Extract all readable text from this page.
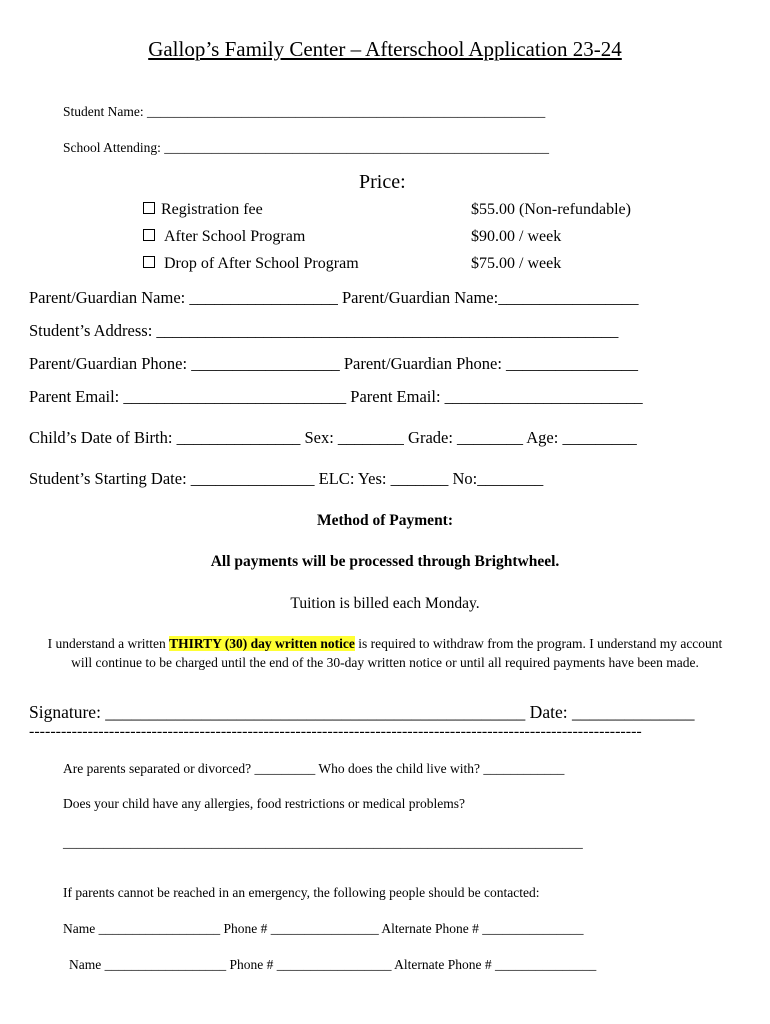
Gallop’s Family Center – Afterschool Application 23-24
Student Name: ___________________________________________________________
School Attending: _________________________________________________________
Price:
Registration fee	$55.00 (Non-refundable)
After School Program	$90.00 / week
Drop of After School Program	$75.00 / week
Parent/Guardian Name: __________________ Parent/Guardian Name:_________________
Student’s Address: ________________________________________________________
Parent/Guardian Phone: __________________ Parent/Guardian Phone: ________________
Parent Email: ___________________________ Parent Email: ________________________
Child’s Date of Birth: _______________ Sex: ________ Grade: ________ Age: _________
Student’s Starting Date: _______________ ELC: Yes: _______ No:________
Method of Payment:
All payments will be processed through Brightwheel.
Tuition is billed each Monday.
I understand a written THIRTY (30) day written notice is required to withdraw from the program. I understand my account will continue to be charged until the end of the 30-day written notice or until all required payments have been made.
Signature: ________________________________________________ Date: ______________
-------------------------------------------------------------------------------------------------------------------
Are parents separated or divorced? _________ Who does the child live with? ____________
Does your child have any allergies, food restrictions or medical problems?
_____________________________________________________________________________
If parents cannot be reached in an emergency, the following people should be contacted:
Name __________________ Phone # ________________ Alternate Phone # _______________
Name __________________ Phone # _________________ Alternate Phone # _______________
